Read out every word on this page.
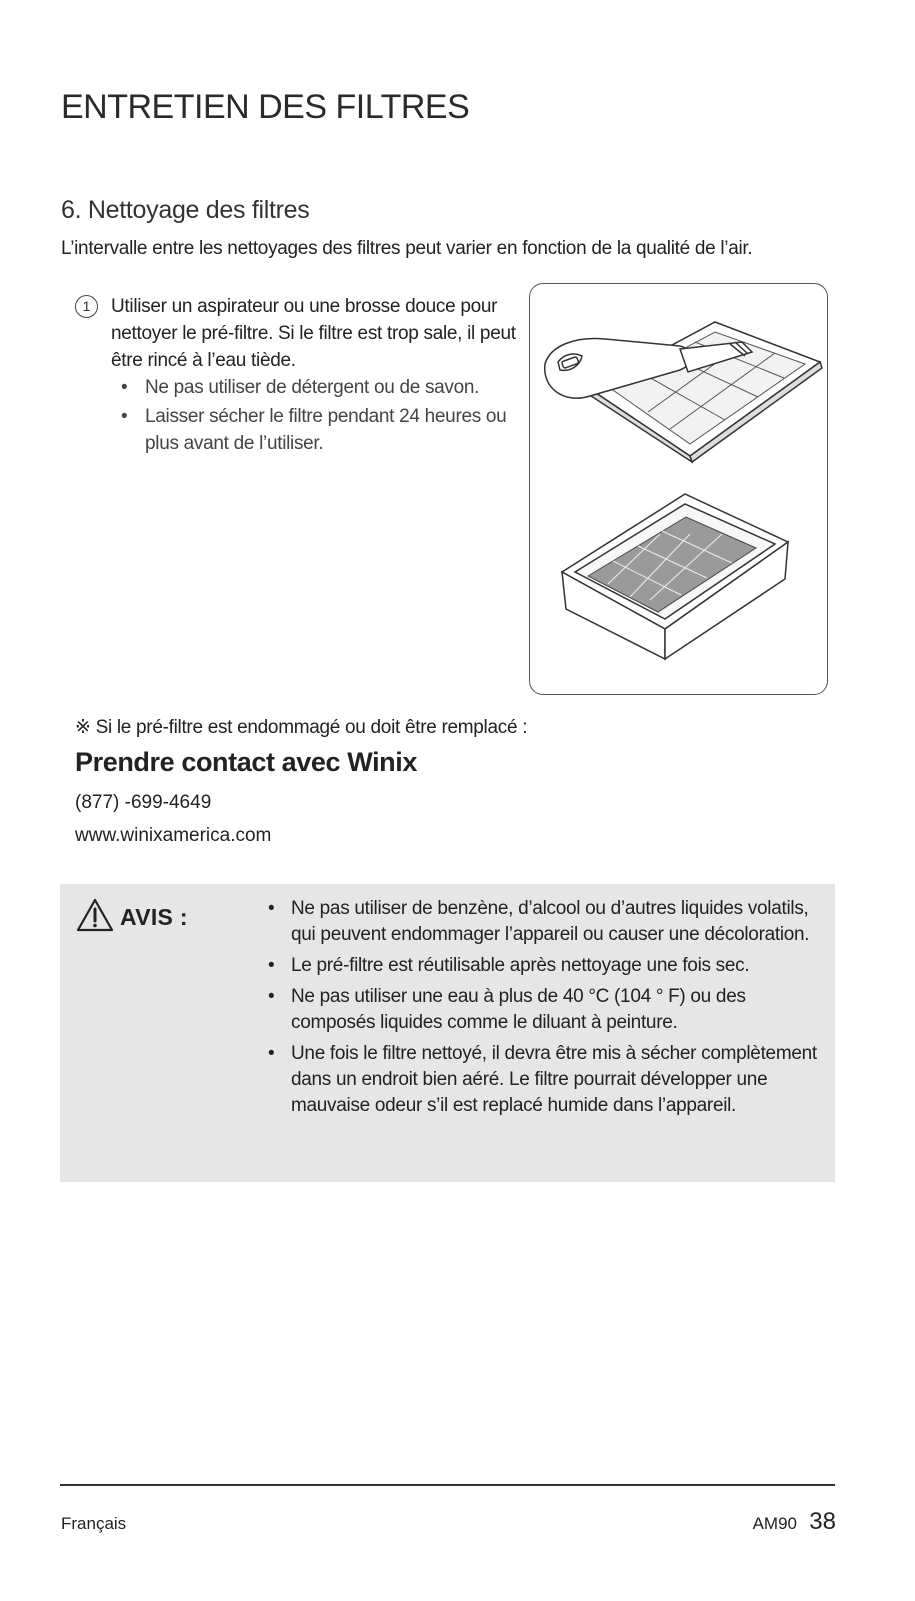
ENTRETIEN DES FILTRES
6. Nettoyage des filtres

L’intervalle entre les nettoyages des filtres peut varier en fonction de la qualité de l’air.

1	Utiliser un aspirateur ou une brosse douce pour nettoyer le pré-filtre. Si le filtre est trop sale, il peut être rincé à l’eau tiède.

• Ne pas utiliser de détergent ou de savon.
• Laisser sécher le filtre pendant 24 heures ou plus avant de l’utiliser.

※ Si le pré-filtre est endommagé ou doit être remplacé :

Prendre contact avec Winix

(877) -699-4649

www.winixamerica.com

AVIS :
•	Ne pas utiliser de benzène, d’alcool ou d’autres liquides volatils, qui peuvent endommager l’appareil ou causer une décoloration.
• Le pré-filtre est réutilisable après nettoyage une fois sec.
• Ne pas utiliser une eau à plus de 40 °C (104 ° F) ou des composés liquides comme le diluant à peinture.
• Une fois le filtre nettoyé, il devra être mis à sécher complètement dans un endroit bien aéré. Le filtre pourrait développer une mauvaise odeur s’il est replacé humide dans l’appareil.
Français	AM90 38
